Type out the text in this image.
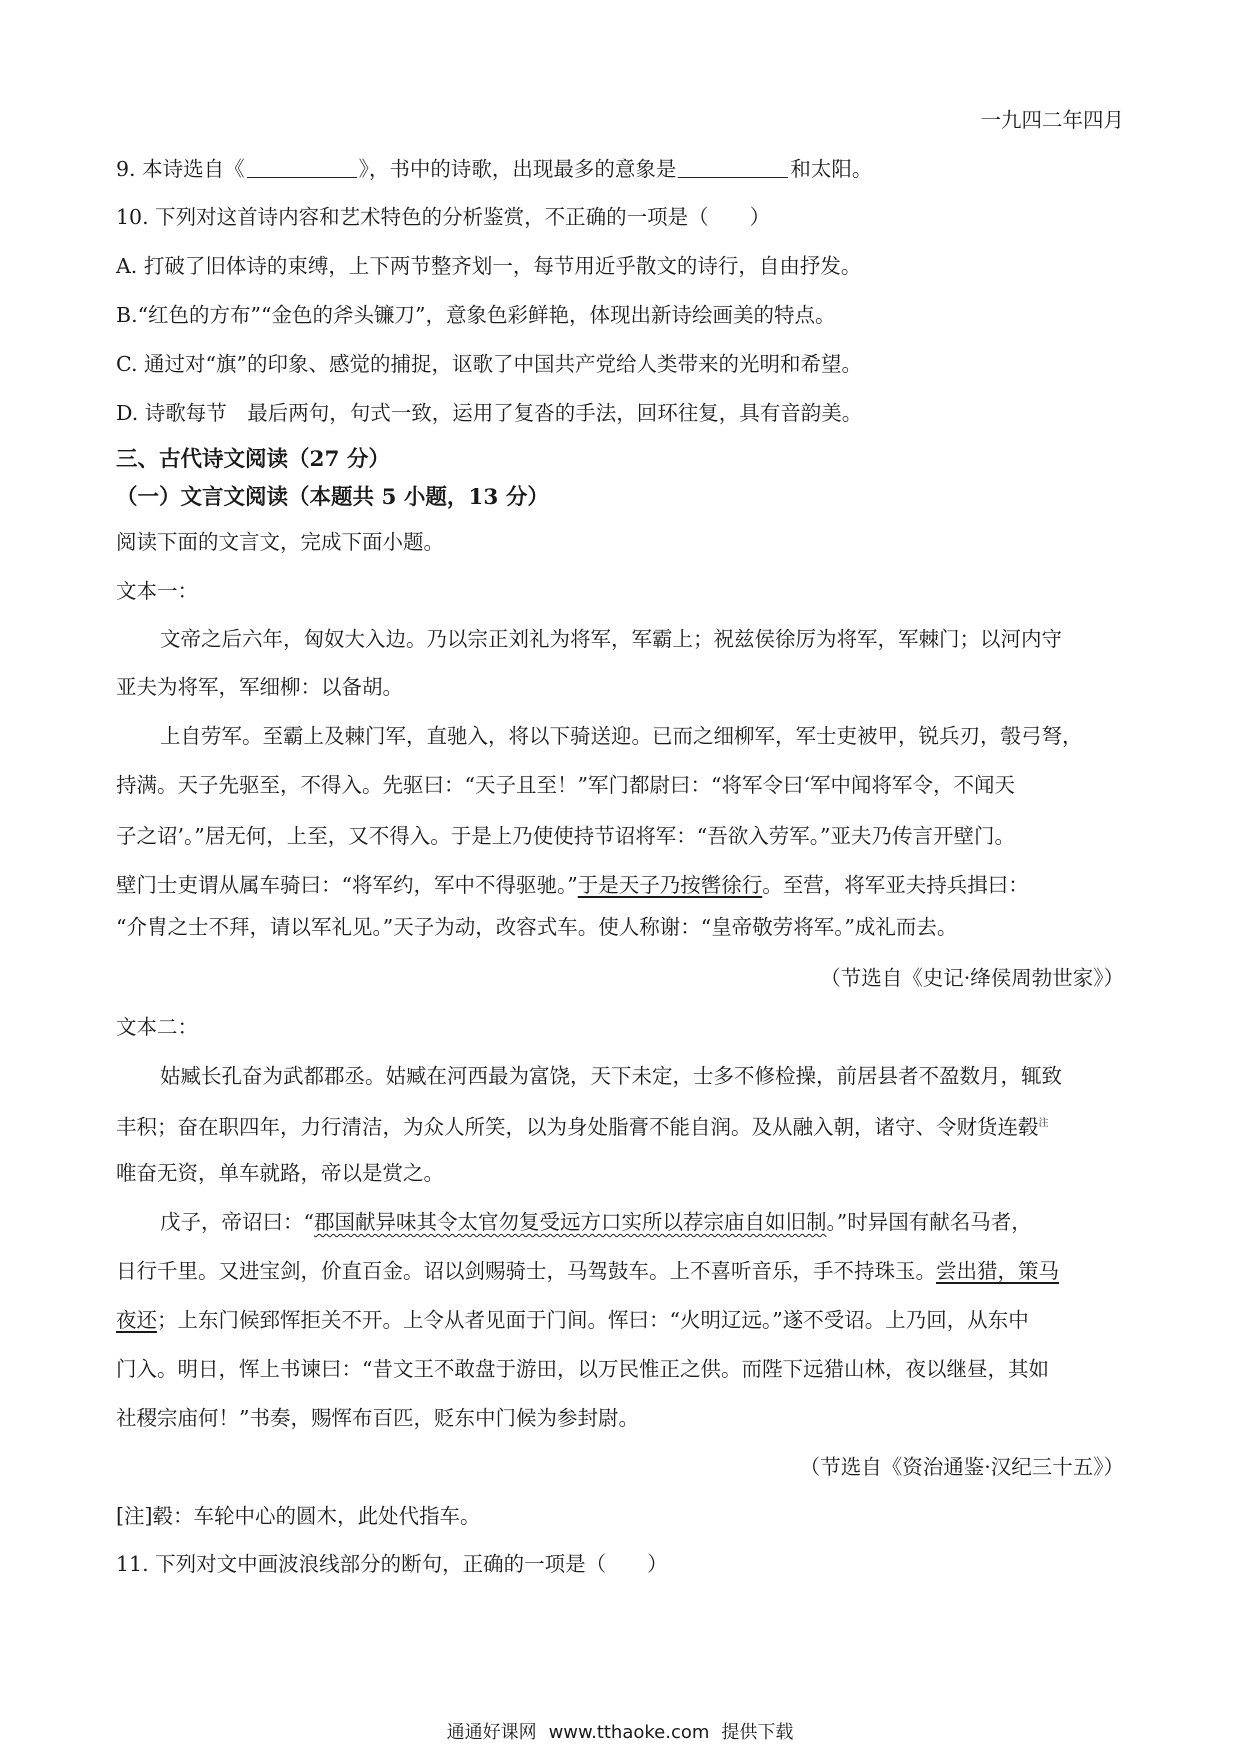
一九四二年四月
9. 本诗选自《	》，书中的诗歌，出现最多的意象是	和太阳。
10. 下列对这首诗内容和艺术特色的分析鉴赏，不正确的一项是（　　）
A. 打破了旧体诗的束缚，上下两节整齐划一，每节用近乎散文的诗行，自由抒发。
B.“红色的方布”“金色的斧头镰刀”，意象色彩鲜艳，体现出新诗绘画美的特点。
C. 通过对“旗”的印象、感觉的捕捉，讴歌了中国共产党给人类带来的光明和希望。
D. 诗歌每节　最后两句，句式一致，运用了复沓的手法，回环往复，具有音韵美。
三、古代诗文阅读（27 分）
（一）文言文阅读（本题共 5 小题，13 分）
阅读下面的文言文，完成下面小题。
文本一：
文帝之后六年，匈奴大入边。乃以宗正刘礼为将军，军霸上；祝兹侯徐厉为将军，军棘门；以河内守
亚夫为将军，军细柳：以备胡。
上自劳军。至霸上及棘门军，直驰入，将以下骑送迎。已而之细柳军，军士吏被甲，锐兵刃，彀弓弩，
持满。天子先驱至，不得入。先驱曰：“天子且至！”军门都尉曰：“将军令曰‘军中闻将军令，不闻天
子之诏’。”居无何，上至，又不得入。于是上乃使使持节诏将军：“吾欲入劳军。”亚夫乃传言开壁门。
壁门士吏谓从属车骑曰：“将军约，军中不得驱驰。”于是天子乃按辔徐行。至营，将军亚夫持兵揖曰：
“介胄之士不拜，请以军礼见。”天子为动，改容式车。使人称谢：“皇帝敬劳将军。”成礼而去。
（节选自《史记·绛侯周勃世家》）
文本二：
姑臧长孔奋为武都郡丞。姑臧在河西最为富饶，天下未定，士多不修检操，前居县者不盈数月，辄致
丰积；奋在职四年，力行清洁，为众人所笑，以为身处脂膏不能自润。及从融入朝，诸守、令财货连毂$^注$
唯奋无资，单车就路，帝以是赏之。
戊子，帝诏曰：“郡国献异味其令太官勿复受远方口实所以荐宗庙自如旧制。”时异国有献名马者，
日行千里。又进宝剑，价直百金。诏以剑赐骑士，马驾鼓车。上不喜听音乐，手不持珠玉。尝出猎，策马
夜还；上东门候郅恽拒关不开。上令从者见面于门间。恽曰：“火明辽远。”遂不受诏。上乃回，从东中
门入。明日，恽上书谏曰：“昔文王不敢盘于游田，以万民惟正之供。而陛下远猎山林，夜以继昼，其如
社稷宗庙何！”书奏，赐恽布百匹，贬东中门候为参封尉。
（节选自《资治通鉴·汉纪三十五》）
[注]毂：车轮中心的圆木，此处代指车。
11. 下列对文中画波浪线部分的断句，正确的一项是（　　）
通通好课网 www.tthaoke.com 提供下载
